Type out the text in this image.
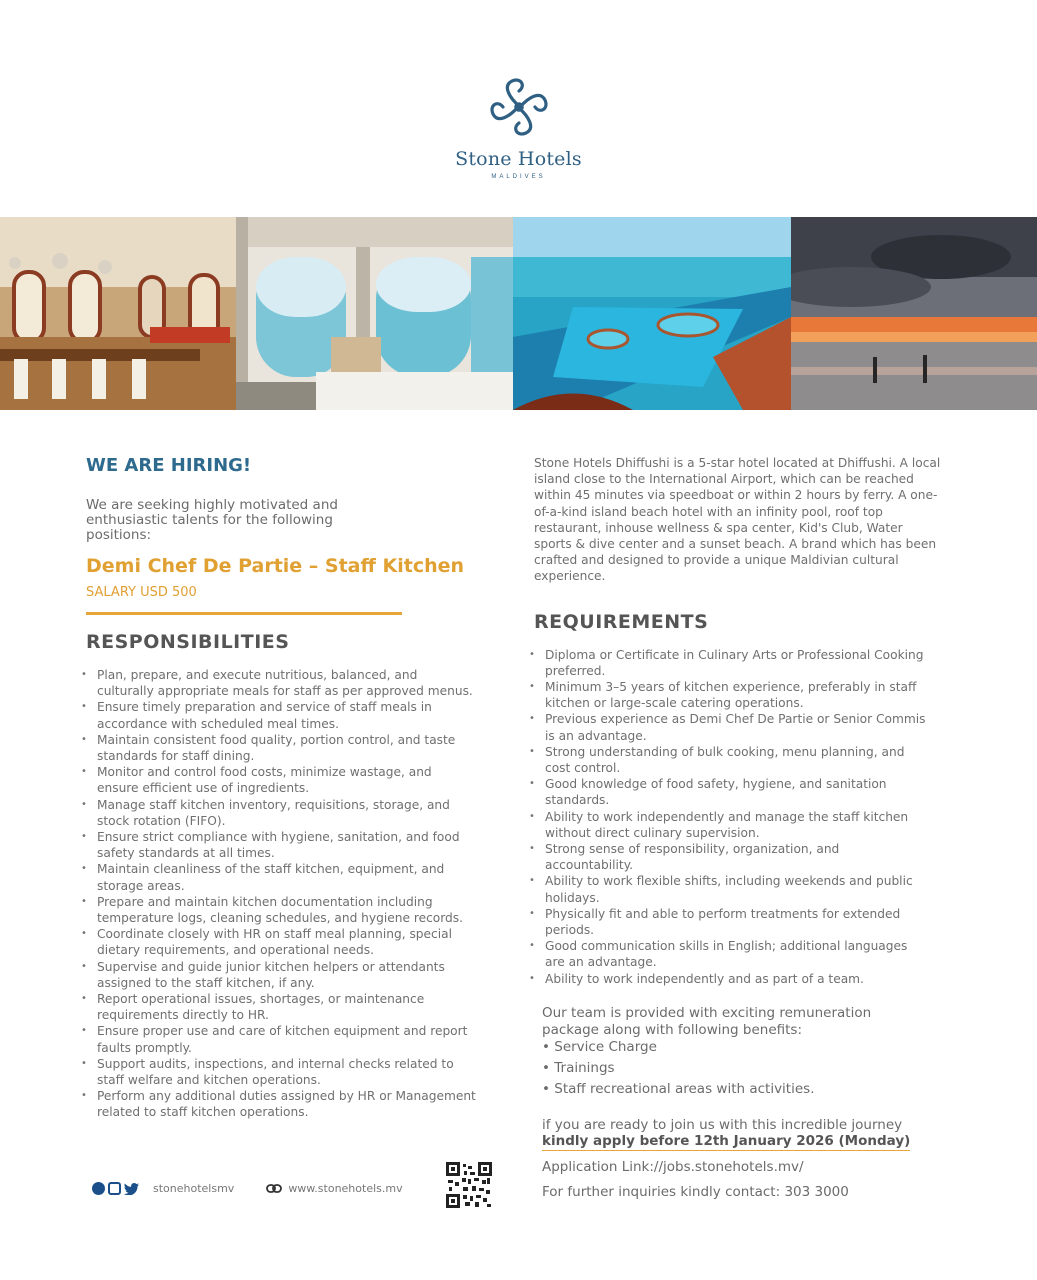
Stone Hotels
MALDIVES
WE ARE HIRING!
We are seeking highly motivated and enthusiastic talents for the following positions:
Demi Chef De Partie – Staff Kitchen
SALARY USD 500
RESPONSIBILITIES
• Plan, prepare, and execute nutritious, balanced, and culturally appropriate meals for staff as per approved menus.
• Ensure timely preparation and service of staff meals in accordance with scheduled meal times.
• Maintain consistent food quality, portion control, and taste standards for staff dining.
• Monitor and control food costs, minimize wastage, and ensure efficient use of ingredients.
• Manage staff kitchen inventory, requisitions, storage, and stock rotation (FIFO).
• Ensure strict compliance with hygiene, sanitation, and food safety standards at all times.
• Maintain cleanliness of the staff kitchen, equipment, and storage areas.
• Prepare and maintain kitchen documentation including temperature logs, cleaning schedules, and hygiene records.
• Coordinate closely with HR on staff meal planning, special dietary requirements, and operational needs.
• Supervise and guide junior kitchen helpers or attendants assigned to the staff kitchen, if any.
• Report operational issues, shortages, or maintenance requirements directly to HR.
• Ensure proper use and care of kitchen equipment and report faults promptly.
• Support audits, inspections, and internal checks related to staff welfare and kitchen operations.
• Perform any additional duties assigned by HR or Management related to staff kitchen operations.
Stone Hotels Dhiffushi is a 5-star hotel located at Dhiffushi. A local island close to the International Airport, which can be reached within 45 minutes via speedboat or within 2 hours by ferry. A one-of-a-kind island beach hotel with an infinity pool, roof top restaurant, inhouse wellness & spa center, Kid's Club, Water sports & dive center and a sunset beach. A brand which has been crafted and designed to provide a unique Maldivian cultural experience.
REQUIREMENTS
• Diploma or Certificate in Culinary Arts or Professional Cooking preferred.
• Minimum 3–5 years of kitchen experience, preferably in staff kitchen or large-scale catering operations.
• Previous experience as Demi Chef De Partie or Senior Commis is an advantage.
• Strong understanding of bulk cooking, menu planning, and cost control.
• Good knowledge of food safety, hygiene, and sanitation standards.
• Ability to work independently and manage the staff kitchen without direct culinary supervision.
• Strong sense of responsibility, organization, and accountability.
• Ability to work flexible shifts, including weekends and public holidays.
• Physically fit and able to perform treatments for extended periods.
• Good communication skills in English; additional languages are an advantage.
• Ability to work independently and as part of a team.
Our team is provided with exciting remuneration package along with following benefits:
• Service Charge
• Trainings
• Staff recreational areas with activities.
if you are ready to join us with this incredible journey
kindly apply before 12th January 2026 (Monday)
Application Link://jobs.stonehotels.mv/
For further inquiries kindly contact: 303 3000
stonehotelsmv	www.stonehotels.mv
